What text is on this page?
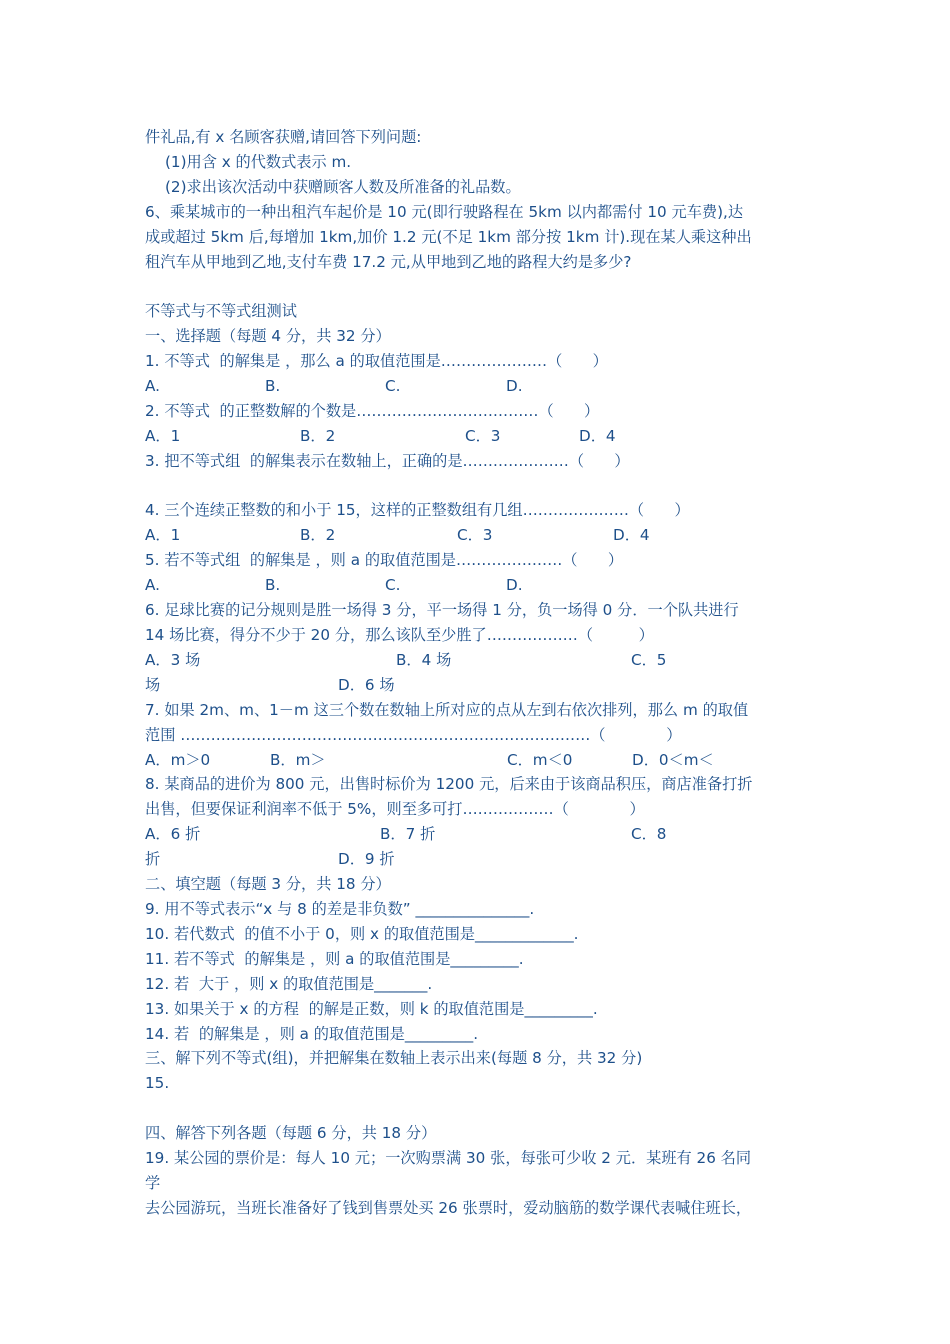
件礼品,有 x 名顾客获赠,请回答下列问题:
(1)用含 x 的代数式表示 m.
(2)求出该次活动中获赠顾客人数及所准备的礼品数。
6、乘某城市的一种出租汽车起价是 10 元(即行驶路程在 5km 以内都需付 10 元车费),达
成或超过 5km 后,每增加 1km,加价 1.2 元(不足 1km 部分按 1km 计).现在某人乘这种出
租汽车从甲地到乙地,支付车费 17.2 元,从甲地到乙地的路程大约是多少?
不等式与不等式组测试
一、选择题（每题 4 分，共 32 分）
1. 不等式  的解集是 ，那么 a 的取值范围是…………………（　　）
A.	B.	C.	D.
2. 不等式  的正整数解的个数是………………………………（　　）
A．1	B．2	C．3	D．4
3. 把不等式组  的解集表示在数轴上，正确的是…………………（　　）
4. 三个连续正整数的和小于 15，这样的正整数组有几组…………………（　　）
A．1	B．2	C．3	D．4
5. 若不等式组  的解集是 ，则 a 的取值范围是…………………（　　）
A.	B.	C.	D.
6. 足球比赛的记分规则是胜一场得 3 分，平一场得 1 分，负一场得 0 分．一个队共进行
14 场比赛，得分不少于 20 分，那么该队至少胜了………………（　　　）
A．3 场	B．4 场	C．5
场	D．6 场
7. 如果 2m、m、1－m 这三个数在数轴上所对应的点从左到右依次排列，那么 m 的取值
范围 ………………………………………………………………………（　　　　）
A．m＞0	B．m＞	C．m＜0	D．0＜m＜
8. 某商品的进价为 800 元，出售时标价为 1200 元，后来由于该商品积压，商店准备打折
出售，但要保证利润率不低于 5%，则至多可打………………（　　　　）
A．6 折	B．7 折	C．8
折	D．9 折
二、填空题（每题 3 分，共 18 分）
9. 用不等式表示“x 与 8 的差是非负数” _______________.
10. 若代数式  的值不小于 0，则 x 的取值范围是_____________.
11. 若不等式  的解集是 ，则 a 的取值范围是_________.
12. 若  大于 ，则 x 的取值范围是_______.
13. 如果关于 x 的方程  的解是正数，则 k 的取值范围是_________.
14. 若  的解集是 ，则 a 的取值范围是_________.
三、解下列不等式(组)，并把解集在数轴上表示出来(每题 8 分，共 32 分)
15.
四、解答下列各题（每题 6 分，共 18 分）
19. 某公园的票价是：每人 10 元；一次购票满 30 张，每张可少收 2 元．某班有 26 名同
学
去公园游玩，当班长准备好了钱到售票处买 26 张票时，爱动脑筋的数学课代表喊住班长，
